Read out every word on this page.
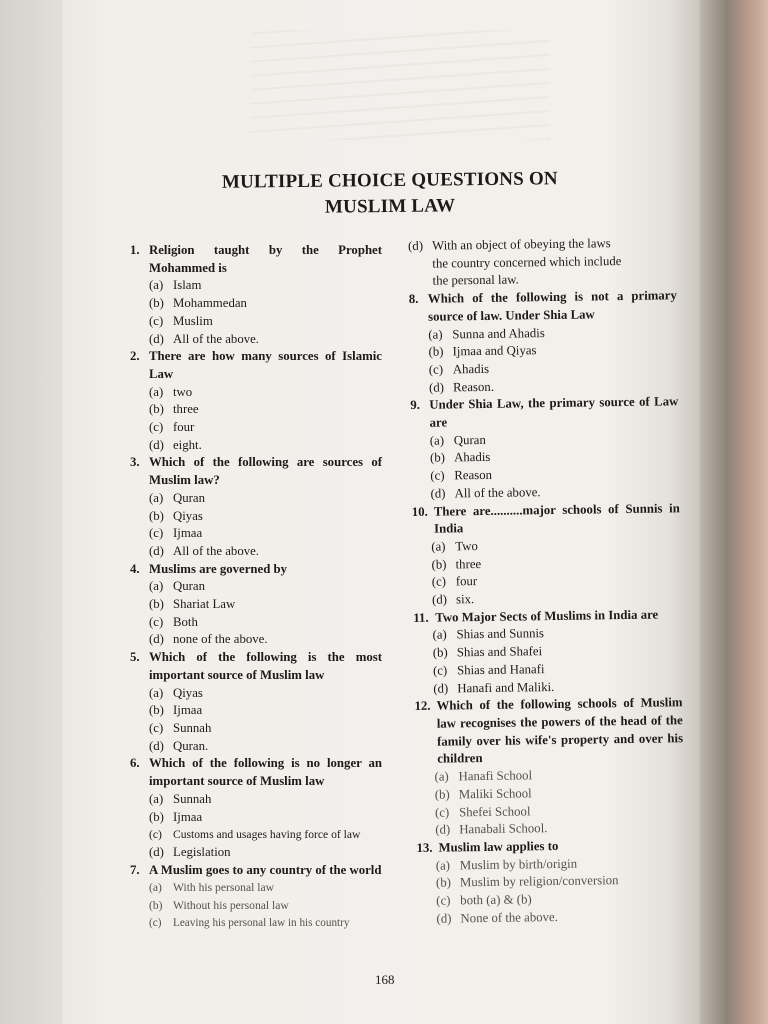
MULTIPLE CHOICE QUESTIONS ON
MUSLIM LAW
1. Religion taught by the Prophet Mohammed is
(a) Islam
(b) Mohammedan
(c) Muslim
(d) All of the above.
2. There are how many sources of Islamic Law
(a) two
(b) three
(c) four
(d) eight.
3. Which of the following are sources of Muslim law?
(a) Quran
(b) Qiyas
(c) Ijmaa
(d) All of the above.
4. Muslims are governed by
(a) Quran
(b) Shariat Law
(c) Both
(d) none of the above.
5. Which of the following is the most important source of Muslim law
(a) Qiyas
(b) Ijmaa
(c) Sunnah
(d) Quran.
6. Which of the following is no longer an important source of Muslim law
(a) Sunnah
(b) Ijmaa
(c) Customs and usages having force of law
(d) Legislation
7. A Muslim goes to any country of the world
(a) With his personal law
(b) Without his personal law
(c)	Leaving his personal law in his country
(d) With an object of obeying the laws
the country concerned which include
the personal law.
8. Which of the following is not a primary source of law. Under Shia Law
(a) Sunna and Ahadis
(b) Ijmaa and Qiyas
(c) Ahadis
(d) Reason.
9. Under Shia Law, the primary source of Law are
(a) Quran
(b) Ahadis
(c) Reason
(d) All of the above.
10. There are..........major schools of Sunnis in India
(a) Two
(b) three
(c) four
(d) six.
11. Two Major Sects of Muslims in India are
(a) Shias and Sunnis
(b) Shias and Shafei
(c) Shias and Hanafi
(d) Hanafi and Maliki.
12. Which of the following schools of Muslim law recognises the powers of the head of the family over his wife's property and over his children
(a) Hanafi School
(b) Maliki School
(c) Shefei School
(d) Hanabali School.
13. Muslim law applies to
(a) Muslim by birth/origin
(b) Muslim by religion/conversion
(c) both (a) & (b)
(d) None of the above.
168
